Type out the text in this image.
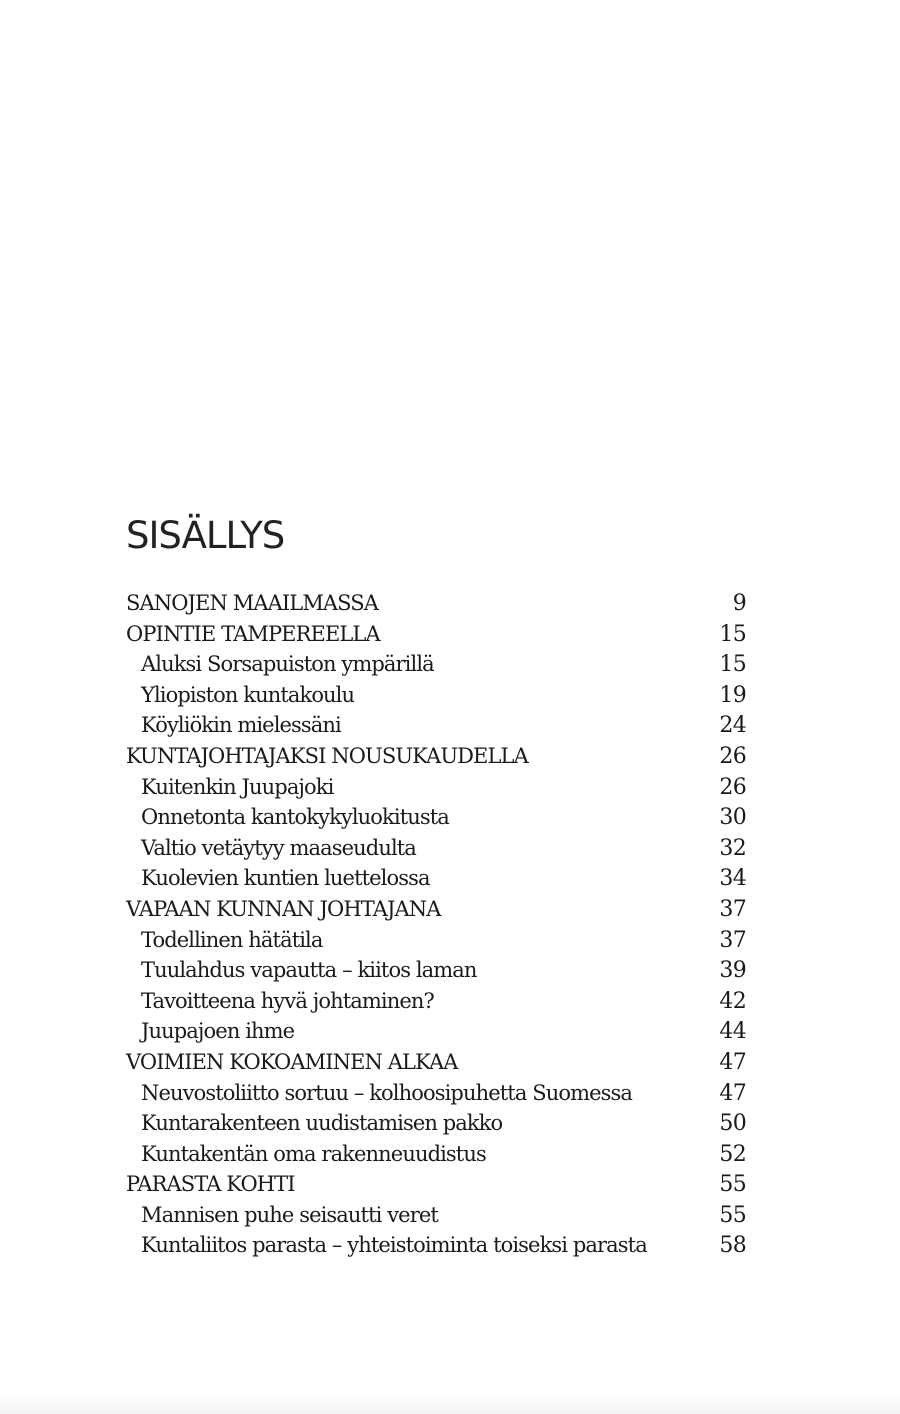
SISÄLLYS
SANOJEN MAAILMASSA	9
OPINTIE TAMPEREELLA	15
Aluksi Sorsapuiston ympärillä	15
Yliopiston kuntakoulu	19
Köyliökin mielessäni	24
KUNTAJOHTAJAKSI NOUSUKAUDELLA	26
Kuitenkin Juupajoki	26
Onnetonta kantokykyluokitusta	30
Valtio vetäytyy maaseudulta	32
Kuolevien kuntien luettelossa	34
VAPAAN KUNNAN JOHTAJANA	37
Todellinen hätätila	37
Tuulahdus vapautta – kiitos laman	39
Tavoitteena hyvä johtaminen?	42
Juupajoen ihme	44
VOIMIEN KOKOAMINEN ALKAA	47
Neuvostoliitto sortuu – kolhoosipuhetta Suomessa	47
Kuntarakenteen uudistamisen pakko	50
Kuntakentän oma rakenneuudistus	52
PARASTA KOHTI	55
Mannisen puhe seisautti veret	55
Kuntaliitos parasta – yhteistoiminta toiseksi parasta	58
